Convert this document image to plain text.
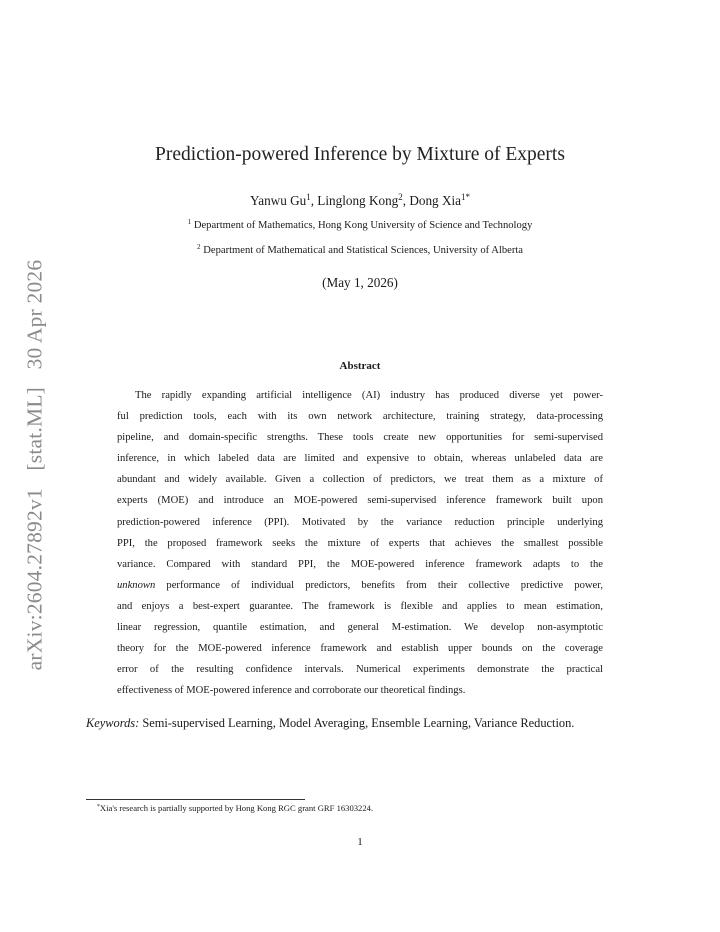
arXiv:2604.27892v1 [stat.ML] 30 Apr 2026
Prediction-powered Inference by Mixture of Experts
Yanwu Gu$^1$, Linglong Kong$^2$, Dong Xia$^{1*}$
$^1$ Department of Mathematics, Hong Kong University of Science and Technology
$^2$ Department of Mathematical and Statistical Sciences, University of Alberta
(May 1, 2026)
Abstract
The rapidly expanding artificial intelligence (AI) industry has produced diverse yet power-
ful prediction tools, each with its own network architecture, training strategy, data-processing
pipeline, and domain-specific strengths. These tools create new opportunities for semi-supervised
inference, in which labeled data are limited and expensive to obtain, whereas unlabeled data are
abundant and widely available. Given a collection of predictors, we treat them as a mixture of
experts (MOE) and introduce an MOE-powered semi-supervised inference framework built upon
prediction-powered inference (PPI). Motivated by the variance reduction principle underlying
PPI, the proposed framework seeks the mixture of experts that achieves the smallest possible
variance. Compared with standard PPI, the MOE-powered inference framework adapts to the
unknown performance of individual predictors, benefits from their collective predictive power,
and enjoys a best-expert guarantee. The framework is flexible and applies to mean estimation,
linear regression, quantile estimation, and general M-estimation. We develop non-asymptotic
theory for the MOE-powered inference framework and establish upper bounds on the coverage
error of the resulting confidence intervals. Numerical experiments demonstrate the practical
effectiveness of MOE-powered inference and corroborate our theoretical findings.
Keywords: Semi-supervised Learning, Model Averaging, Ensemble Learning, Variance Reduction.
*Xia's research is partially supported by Hong Kong RGC grant GRF 16303224.
1
